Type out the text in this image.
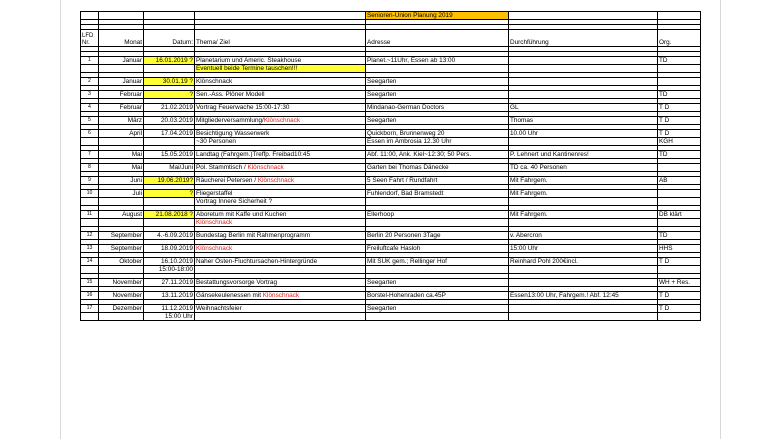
				Senioren-Union Planung 2019		

LFD
Nr.	Monat	Datum:	Thema/ Ziel	Adresse	Durchführung	Org.

1	Januar	16.01.2019 ?	Planetarium und Americ. Steakhouse	Planet.~11Uhr, Essen ab 13:00		TD
			Eventuell beide Termine tauschen!!!			

2	Januar	30.01.19 ?	Klönschnack	Seegarten		

3	Februar	?	Sen.-Ass. Plöner Modell	Seegarten		TD

4	Februar	21.02.2019	Vortrag Feuerwache 15:00-17:30	Mindanao-German Doctors	GL	T D

5	März	20.03.2019	Mitgliederversammlung/Klönschnack	Seegarten	Thomas	T D

6	April	17.04.2019	Besichtigung Wasserwerk	Quickborn, Brunnenweg 20	10.00 Uhr	T D
			~30 Personen	Essen im Ambrosia 12.30 Uhr		KGH

7	Mai	15.05.2019	Landtag (Fahrgem.)Treffp. Freibad10:45	Abf. 11:00, Ank. Kiel~12:30; 50 Pers.	P. Lehnert und Kantinenres!	TD

8	Mai	Mai/Juni	Pol. Stammtisch / Klönschnack	Garten bei Thomas Dänecke	TD ca. 40 Personen	

9	Juni	19.06.2019?	Räucherei Petersen / Klönschnack	5 Seen Fahrt / Rundfahrt	Mit Fahrgem.	AB

10	Juli	?	Fliegerstaffel	Fuhlendorf, Bad Bramstedt	Mit Fahrgem.	
			Vortrag Innere Sicherheit ?			

11	August	21.08.2018 ?	Aboretum mit Kaffe und Kuchen	Ellerhoop	Mit Fahrgem.	DB klärt
			Klönschnack			

12	September	4.-6.09.2019	Bundestag Berlin mit Rahmenprogramm	Berlin 20 Personen 3Tage	v. Abercron	TD

13	September	18.09.2019	Klönschnack	Freiluftcafe Hasloh	15:00 Uhr	HHS

14	Oktober	16.10.2019	Naher Osten-Fluchtursachen-Hintergründe	Mit SUK gem.; Rellinger Hof	Reinhard Pohl 200€incl.	T D
		15:00-18:00				

15	November	27.11.2019	Bestattungsvorsorge Vortrag	Seegarten		WH + Res.

16	November	13.11.2019	Gänsekeulenessen mit Klönschnack	Borstel-Hohenraden ca.45P	Essen13:00 Uhr, Fahrgem.! Abf. 12:45	T D

17	Dezember	11.12.2019	Weihnachtsfeier	Seegarten		T D
		15:00 Uhr				
